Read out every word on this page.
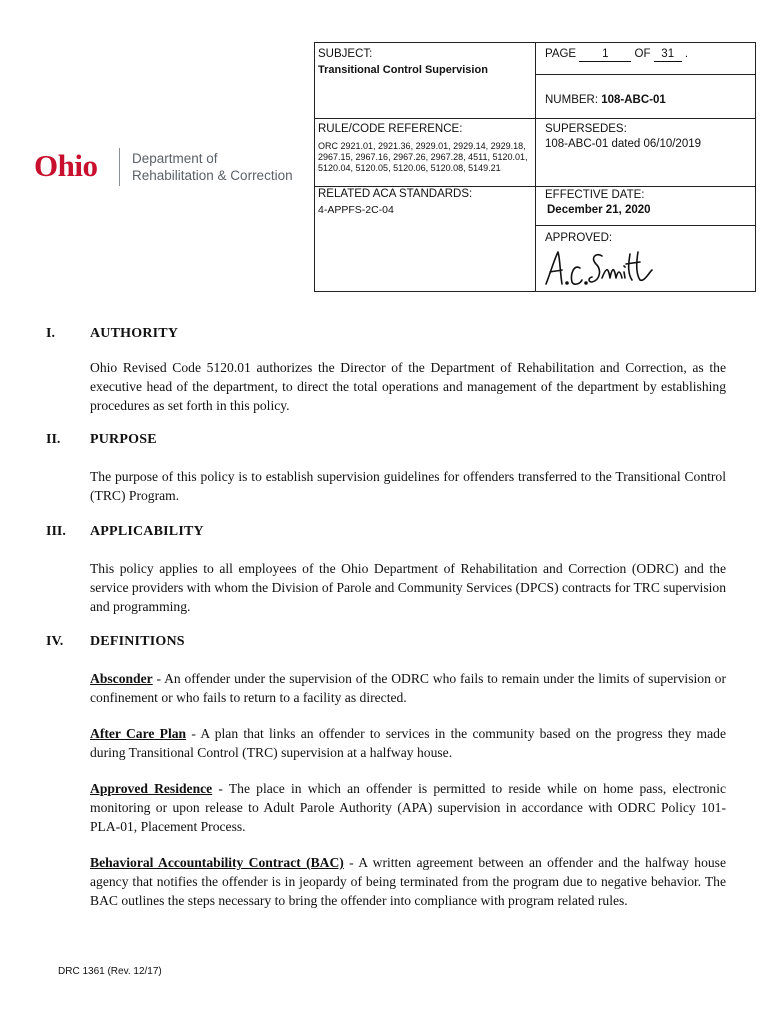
Ohio	Department of
Rehabilitation & Correction
SUBJECT:
Transitional Control Supervision
PAGE 1 OF 31 .
NUMBER: 108-ABC-01
RULE/CODE REFERENCE:
ORC 2921.01, 2921.36, 2929.01, 2929.14, 2929.18, 2967.15, 2967.16, 2967.26, 2967.28, 4511, 5120.01, 5120.04, 5120.05, 5120.06, 5120.08, 5149.21
SUPERSEDES:
108-ABC-01 dated 06/10/2019
RELATED ACA STANDARDS:
4-APPFS-2C-04
EFFECTIVE DATE:
December 21, 2020
APPROVED:
I.	AUTHORITY

Ohio Revised Code 5120.01 authorizes the Director of the Department of Rehabilitation and Correction, as the executive head of the department, to direct the total operations and management of the department by establishing procedures as set forth in this policy.

II. PURPOSE

The purpose of this policy is to establish supervision guidelines for offenders transferred to the Transitional Control (TRC) Program.

III. APPLICABILITY

This policy applies to all employees of the Ohio Department of Rehabilitation and Correction (ODRC) and the service providers with whom the Division of Parole and Community Services (DPCS) contracts for TRC supervision and programming.

IV. DEFINITIONS

Absconder - An offender under the supervision of the ODRC who fails to remain under the limits of supervision or confinement or who fails to return to a facility as directed.

After Care Plan - A plan that links an offender to services in the community based on the progress they made during Transitional Control (TRC) supervision at a halfway house.

Approved Residence - The place in which an offender is permitted to reside while on home pass, electronic monitoring or upon release to Adult Parole Authority (APA) supervision in accordance with ODRC Policy 101-PLA-01, Placement Process.

Behavioral Accountability Contract (BAC) - A written agreement between an offender and the halfway house agency that notifies the offender is in jeopardy of being terminated from the program due to negative behavior. The BAC outlines the steps necessary to bring the offender into compliance with program related rules.

DRC 1361 (Rev. 12/17)
